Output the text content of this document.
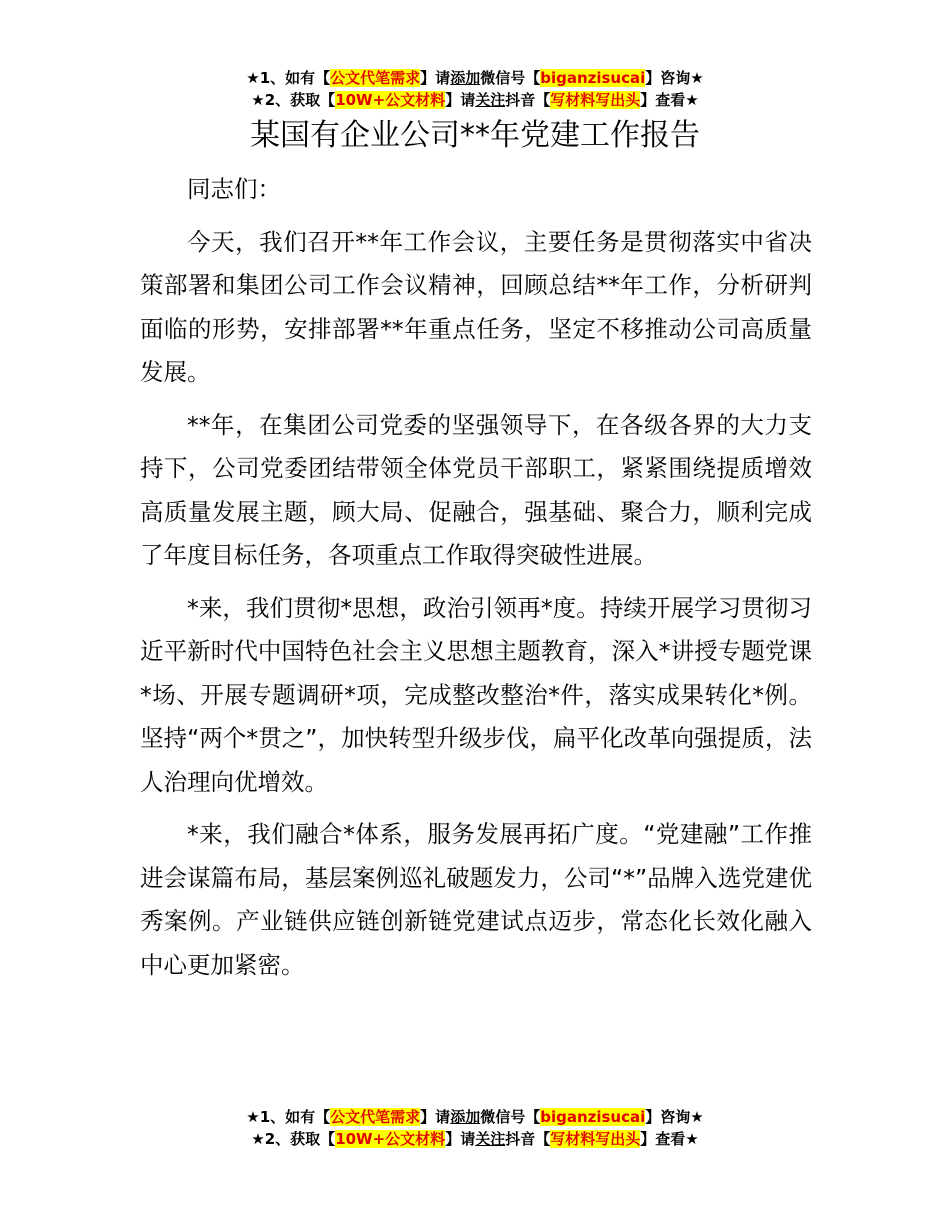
★1、如有【公文代笔需求】请添加微信号【biganzisucai】咨询★
★2、获取【10W+公文材料】请关注抖音【写材料写出头】查看★
某国有企业公司**年党建工作报告

同志们：

今天，我们召开**年工作会议，主要任务是贯彻落实中省决策部署和集团公司工作会议精神，回顾总结**年工作，分析研判面临的形势，安排部署**年重点任务，坚定不移推动公司高质量发展。

**年，在集团公司党委的坚强领导下，在各级各界的大力支持下，公司党委团结带领全体党员干部职工，紧紧围绕提质增效高质量发展主题，顾大局、促融合，强基础、聚合力，顺利完成了年度目标任务，各项重点工作取得突破性进展。

*来，我们贯彻*思想，政治引领再*度。持续开展学习贯彻习近平新时代中国特色社会主义思想主题教育，深入*讲授专题党课*场、开展专题调研*项，完成整改整治*件，落实成果转化*例。坚持“两个*贯之”，加快转型升级步伐，扁平化改革向强提质，法人治理向优增效。

*来，我们融合*体系，服务发展再拓广度。“党建融”工作推进会谋篇布局，基层案例巡礼破题发力，公司“*”品牌入选党建优秀案例。产业链供应链创新链党建试点迈步，常态化长效化融入中心更加紧密。

★1、如有【公文代笔需求】请添加微信号【biganzisucai】咨询★
★2、获取【10W+公文材料】请关注抖音【写材料写出头】查看★
